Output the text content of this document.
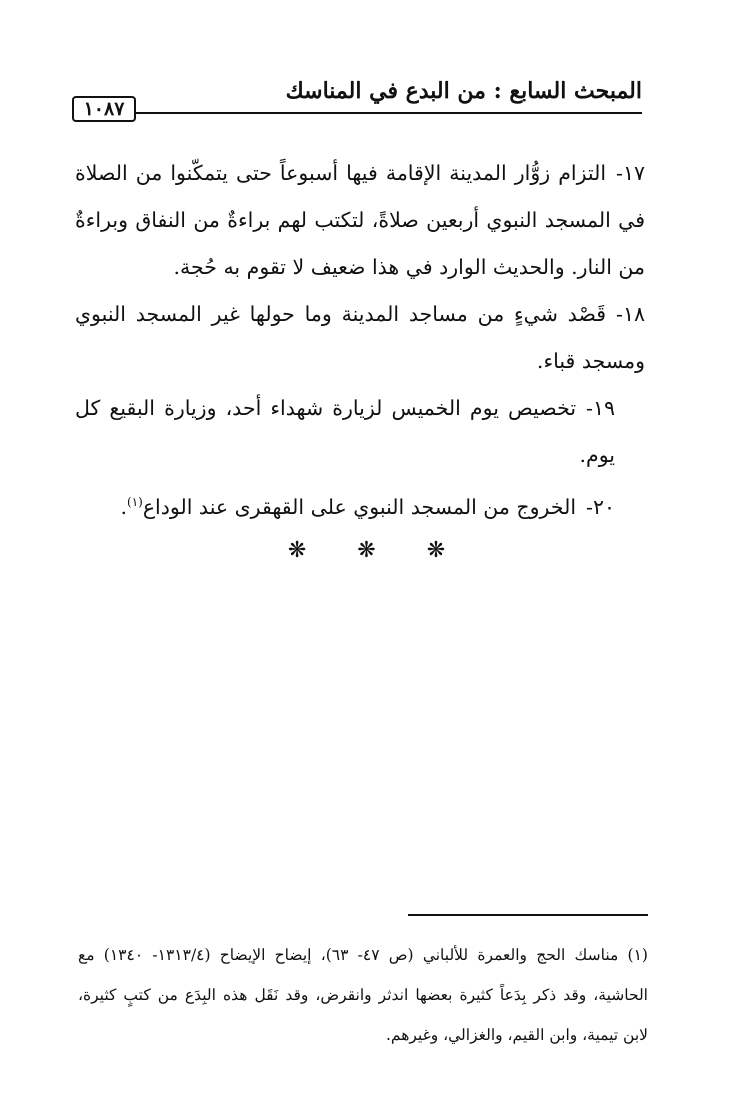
المبحث السابع : من البدع في المناسك
١٠٨٧

١٧-التزام زوُّار المدينة الإقامة فيها أسبوعاً حتى يتمكّنوا من الصلاة في المسجد النبوي أربعين صلاةً، لتكتب لهم براءةٌ من النفاق وبراءةٌ من النار. والحديث الوارد في هذا ضعيف لا تقوم به حُجة.

١٨-قَصْد شيءٍ من مساجد المدينة وما حولها غير المسجد النبوي ومسجد قباء.

١٩-تخصيص يوم الخميس لزيارة شهداء أحد، وزيارة البقيع كل يوم.

٢٠-الخروج من المسجد النبوي على القهقرى عند الوداع$^{(١)}$.

❋ ❋ ❋

(١) مناسك الحج والعمرة للألباني (ص ٤٧- ٦٣)، إيضاح الإيضاح (١٣١٣/٤- ١٣٤٠) مع الحاشية، وقد ذكر بِدَعاً كثيرة بعضها اندثر وانقرض، وقد نَقَل هذه البِدَع من كتبٍ كثيرة، لابن تيمية، وابن القيم، والغزالي، وغيرهم.
